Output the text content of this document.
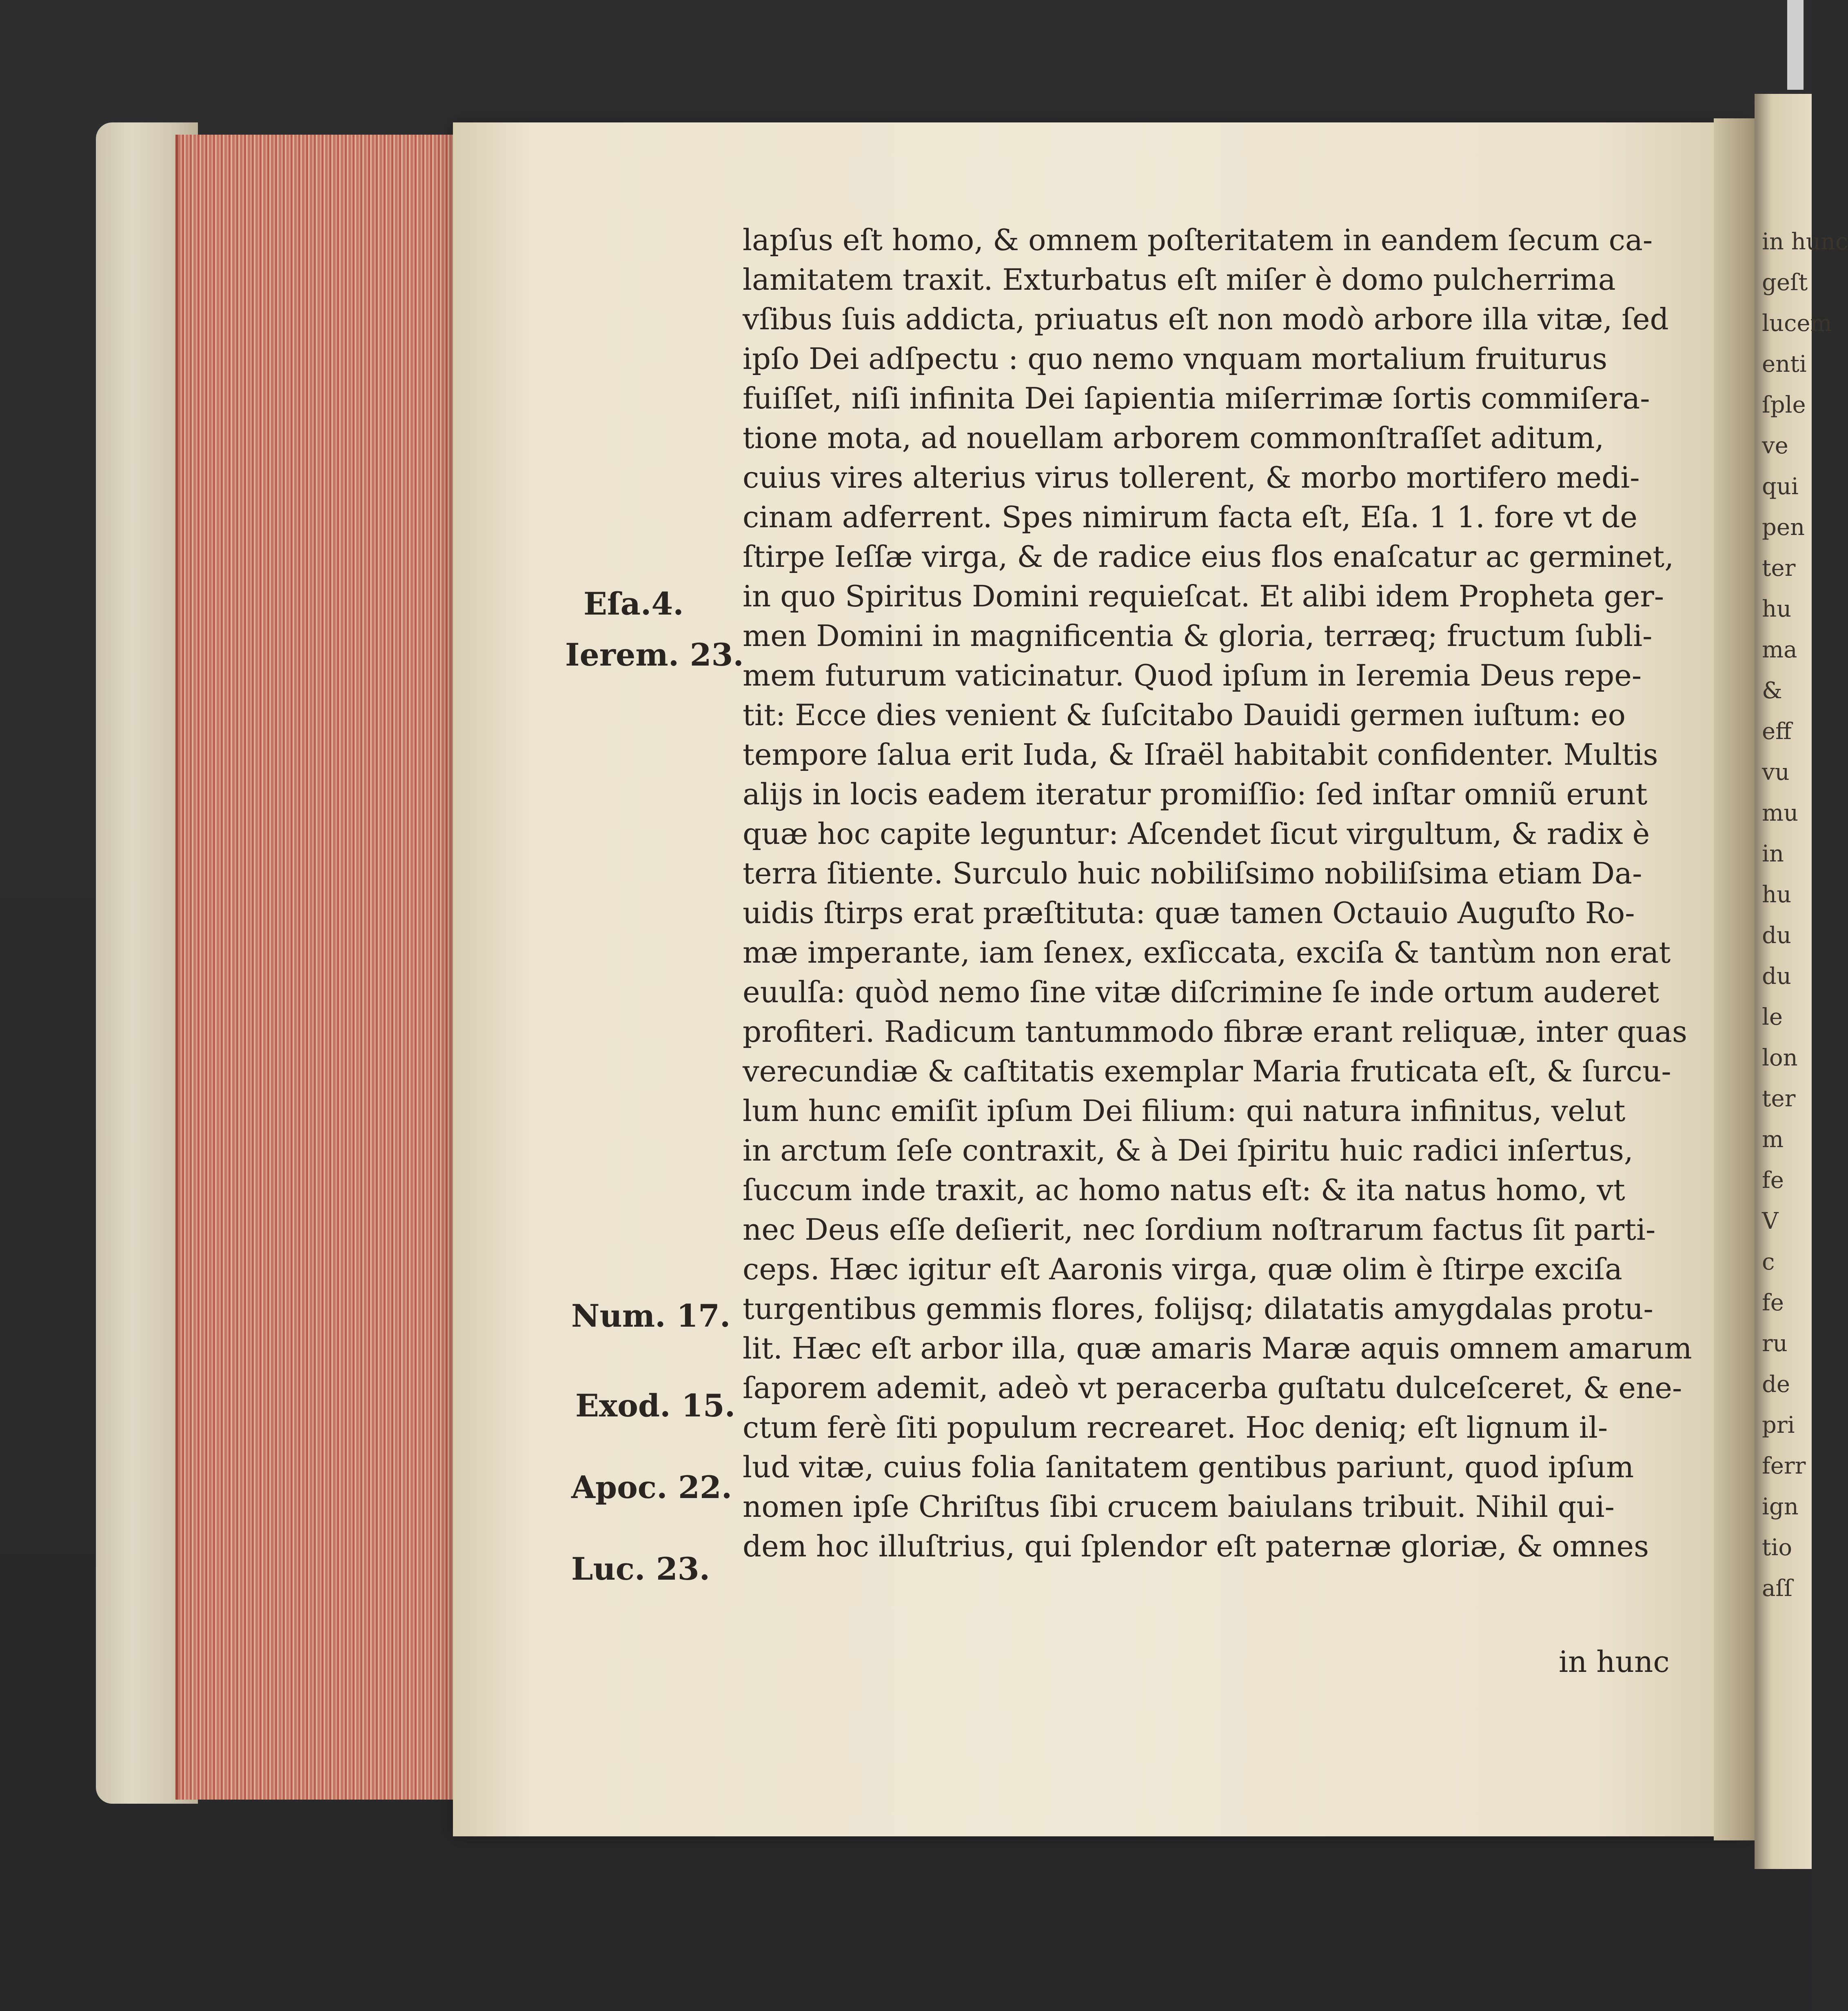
in hunc
geſt
lucem
enti
ſple
ve
qui
pen
ter
hu
ma
&
eff
vu
mu
in
hu
du
du
le
lon
ter
m
fe
V
c
fe
ru
de
pri
ferr
ign
tio
aſſ
Eſa.4.
Ierem. 23.
Num. 17.
Exod. 15.
Apoc. 22.
Luc. 23.
lapſus eſt homo, & omnem poſteritatem in eandem ſecum ca-
lamitatem traxit. Exturbatus eſt miſer è domo pulcherrima
vſibus ſuis addicta, priuatus eſt non modò arbore illa vitæ, ſed
ipſo Dei adſpectu : quo nemo vnquam mortalium fruiturus
fuiſſet, niſi infinita Dei ſapientia miſerrimæ ſortis commiſera-
tione mota, ad nouellam arborem commonſtraſſet aditum,
cuius vires alterius virus tollerent, & morbo mortifero medi-
cinam adferrent. Spes nimirum facta eſt, Eſa. 1 1. fore vt de
ſtirpe Ieſſæ virga, & de radice eius flos enaſcatur ac germinet,
in quo Spiritus Domini requieſcat. Et alibi idem Propheta ger-
men Domini in magnificentia & gloria, terræq; fructum ſubli-
mem futurum vaticinatur. Quod ipſum in Ieremia Deus repe-
tit: Ecce dies venient & ſuſcitabo Dauidi germen iuſtum: eo
tempore ſalua erit Iuda, & Iſraël habitabit confidenter. Multis
alijs in locis eadem iteratur promiſſio: ſed inſtar omniũ erunt
quæ hoc capite leguntur: Aſcendet ſicut virgultum, & radix è
terra ſitiente. Surculo huic nobiliſsimo nobiliſsima etiam Da-
uidis ſtirps erat præſtituta: quæ tamen Octauio Auguſto Ro-
mæ imperante, iam ſenex, exſiccata, exciſa & tantùm non erat
euulſa: quòd nemo ſine vitæ diſcrimine ſe inde ortum auderet
profiteri. Radicum tantummodo fibræ erant reliquæ, inter quas
verecundiæ & caſtitatis exemplar Maria fruticata eſt, & ſurcu-
lum hunc emiſit ipſum Dei filium: qui natura infinitus, velut
in arctum ſeſe contraxit, & à Dei ſpiritu huic radici inſertus,
ſuccum inde traxit, ac homo natus eſt: & ita natus homo, vt
nec Deus eſſe deſierit, nec ſordium noſtrarum factus ſit parti-
ceps. Hæc igitur eſt Aaronis virga, quæ olim è ſtirpe exciſa
turgentibus gemmis flores, folijsq; dilatatis amygdalas protu-
lit. Hæc eſt arbor illa, quæ amaris Maræ aquis omnem amarum
ſaporem ademit, adeò vt peracerba guſtatu dulceſceret, & ene-
ctum ferè ſiti populum recrearet. Hoc deniq; eſt lignum il-
lud vitæ, cuius folia ſanitatem gentibus pariunt, quod ipſum
nomen ipſe Chriſtus ſibi crucem baiulans tribuit. Nihil qui-
dem hoc illuſtrius, qui ſplendor eſt paternæ gloriæ, & omnes
in hunc
